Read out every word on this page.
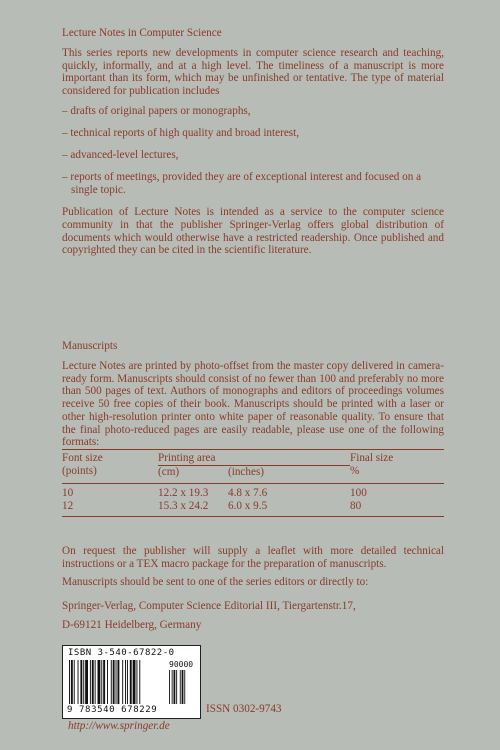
Lecture Notes in Computer Science

This series reports new developments in computer science research and teaching, quickly, informally, and at a high level. The timeliness of a manuscript is more important than its form, which may be unfinished or tentative. The type of material considered for publication includes

– drafts of original papers or monographs,
– technical reports of high quality and broad interest,
– advanced-level lectures,
– reports of meetings, provided they are of exceptional interest and focused on a single topic.

Publication of Lecture Notes is intended as a service to the computer science community in that the publisher Springer-Verlag offers global distribution of documents which would otherwise have a restricted readership. Once published and copyrighted they can be cited in the scientific literature.

Manuscripts

Lecture Notes are printed by photo-offset from the master copy delivered in camera-ready form. Manuscripts should consist of no fewer than 100 and preferably no more than 500 pages of text. Authors of monographs and editors of proceedings volumes receive 50 free copies of their book. Manuscripts should be printed with a laser or other high-resolution printer onto white paper of reasonable quality. To ensure that the final photo-reduced pages are easily readable, please use one of the following formats:

Font size	Printing area		Final size
(points)	(cm)	(inches)	%
10	12.2 x 19.3	4.8 x 7.6	100
12	15.3 x 24.2	6.0 x 9.5	80

On request the publisher will supply a leaflet with more detailed technical instructions or a TEX macro package for the preparation of manuscripts.

Manuscripts should be sent to one of the series editors or directly to:

Springer-Verlag, Computer Science Editorial III, Tiergartenstr.17,
D-69121 Heidelberg, Germany
ISBN 3-540-67822-0
90000
9 783540 678229	ISSN 0302-9743
http://www.springer.de
